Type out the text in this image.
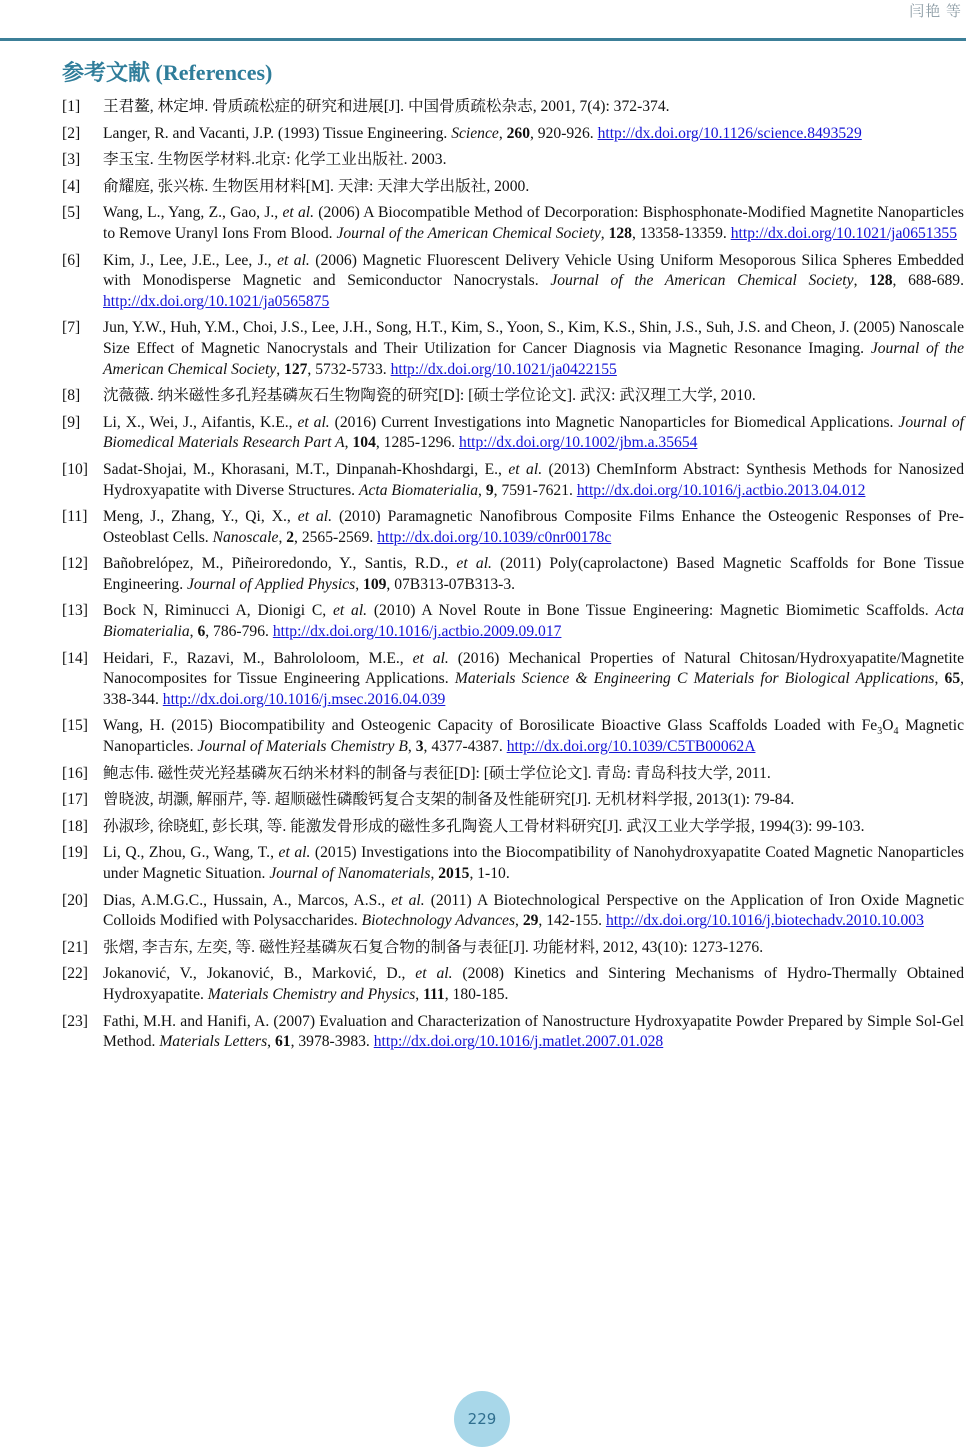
闫艳 等
参考文献 (References)
[1]	王君鳌, 林定坤. 骨质疏松症的研究和进展[J]. 中国骨质疏松杂志, 2001, 7(4): 372-374.
[2]	Langer, R. and Vacanti, J.P. (1993) Tissue Engineering. Science, 260, 920-926. http://dx.doi.org/10.1126/science.8493529
[3]	李玉宝. 生物医学材料.北京: 化学工业出版社. 2003.
[4]	俞耀庭, 张兴栋. 生物医用材料[M]. 天津: 天津大学出版社, 2000.
[5]	Wang, L., Yang, Z., Gao, J., et al. (2006) A Biocompatible Method of Decorporation: Bisphosphonate-Modified Magnetite Nanoparticles to Remove Uranyl Ions From Blood. Journal of the American Chemical Society, 128, 13358-13359. http://dx.doi.org/10.1021/ja0651355
[6]	Kim, J., Lee, J.E., Lee, J., et al. (2006) Magnetic Fluorescent Delivery Vehicle Using Uniform Mesoporous Silica Spheres Embedded with Monodisperse Magnetic and Semiconductor Nanocrystals. Journal of the American Chemical Society, 128, 688-689. http://dx.doi.org/10.1021/ja0565875
[7]	Jun, Y.W., Huh, Y.M., Choi, J.S., Lee, J.H., Song, H.T., Kim, S., Yoon, S., Kim, K.S., Shin, J.S., Suh, J.S. and Cheon, J. (2005) Nanoscale Size Effect of Magnetic Nanocrystals and Their Utilization for Cancer Diagnosis via Magnetic Resonance Imaging. Journal of the American Chemical Society, 127, 5732-5733. http://dx.doi.org/10.1021/ja0422155
[8]	沈薇薇. 纳米磁性多孔羟基磷灰石生物陶瓷的研究[D]: [硕士学位论文]. 武汉: 武汉理工大学, 2010.
[9]	Li, X., Wei, J., Aifantis, K.E., et al. (2016) Current Investigations into Magnetic Nanoparticles for Biomedical Applications. Journal of Biomedical Materials Research Part A, 104, 1285-1296. http://dx.doi.org/10.1002/jbm.a.35654
[10] Sadat-Shojai, M., Khorasani, M.T., Dinpanah-Khoshdargi, E., et al. (2013) ChemInform Abstract: Synthesis Methods for Nanosized Hydroxyapatite with Diverse Structures. Acta Biomaterialia, 9, 7591-7621. http://dx.doi.org/10.1016/j.actbio.2013.04.012
[11] Meng, J., Zhang, Y., Qi, X., et al. (2010) Paramagnetic Nanofibrous Composite Films Enhance the Osteogenic Responses of Pre-Osteoblast Cells. Nanoscale, 2, 2565-2569. http://dx.doi.org/10.1039/c0nr00178c
[12] Bañobrelópez, M., Piñeiroredondo, Y., Santis, R.D., et al. (2011) Poly(caprolactone) Based Magnetic Scaffolds for Bone Tissue Engineering. Journal of Applied Physics, 109, 07B313-07B313-3.
[13] Bock N, Riminucci A, Dionigi C, et al. (2010) A Novel Route in Bone Tissue Engineering: Magnetic Biomimetic Scaffolds. Acta Biomaterialia, 6, 786-796. http://dx.doi.org/10.1016/j.actbio.2009.09.017
[14] Heidari, F., Razavi, M., Bahrololoom, M.E., et al. (2016) Mechanical Properties of Natural Chitosan/Hydroxyapatite/Magnetite Nanocomposites for Tissue Engineering Applications. Materials Science & Engineering C Materials for Biological Applications, 65, 338-344. http://dx.doi.org/10.1016/j.msec.2016.04.039
[15] Wang, H. (2015) Biocompatibility and Osteogenic Capacity of Borosilicate Bioactive Glass Scaffolds Loaded with $Fe_3O_4$ Magnetic Nanoparticles. Journal of Materials Chemistry B, 3, 4377-4387. http://dx.doi.org/10.1039/C5TB00062A
[16] 鲍志伟. 磁性荧光羟基磷灰石纳米材料的制备与表征[D]: [硕士学位论文]. 青岛: 青岛科技大学, 2011.
[17] 曾晓波, 胡灏, 解丽芹, 等. 超顺磁性磷酸钙复合支架的制备及性能研究[J]. 无机材料学报, 2013(1): 79-84.
[18] 孙淑珍, 徐晓虹, 彭长琪, 等. 能激发骨形成的磁性多孔陶瓷人工骨材料研究[J]. 武汉工业大学学报, 1994(3): 99-103.
[19] Li, Q., Zhou, G., Wang, T., et al. (2015) Investigations into the Biocompatibility of Nanohydroxyapatite Coated Magnetic Nanoparticles under Magnetic Situation. Journal of Nanomaterials, 2015, 1-10.
[20] Dias, A.M.G.C., Hussain, A., Marcos, A.S., et al. (2011) A Biotechnological Perspective on the Application of Iron Oxide Magnetic Colloids Modified with Polysaccharides. Biotechnology Advances, 29, 142-155. http://dx.doi.org/10.1016/j.biotechadv.2010.10.003
[21] 张熠, 李吉东, 左奕, 等. 磁性羟基磷灰石复合物的制备与表征[J]. 功能材料, 2012, 43(10): 1273-1276.
[22] Jokanović, V., Jokanović, B., Marković, D., et al. (2008) Kinetics and Sintering Mechanisms of Hydro-Thermally Obtained Hydroxyapatite. Materials Chemistry and Physics, 111, 180-185.
[23] Fathi, M.H. and Hanifi, A. (2007) Evaluation and Characterization of Nanostructure Hydroxyapatite Powder Prepared by Simple Sol-Gel Method. Materials Letters, 61, 3978-3983. http://dx.doi.org/10.1016/j.matlet.2007.01.028
229
